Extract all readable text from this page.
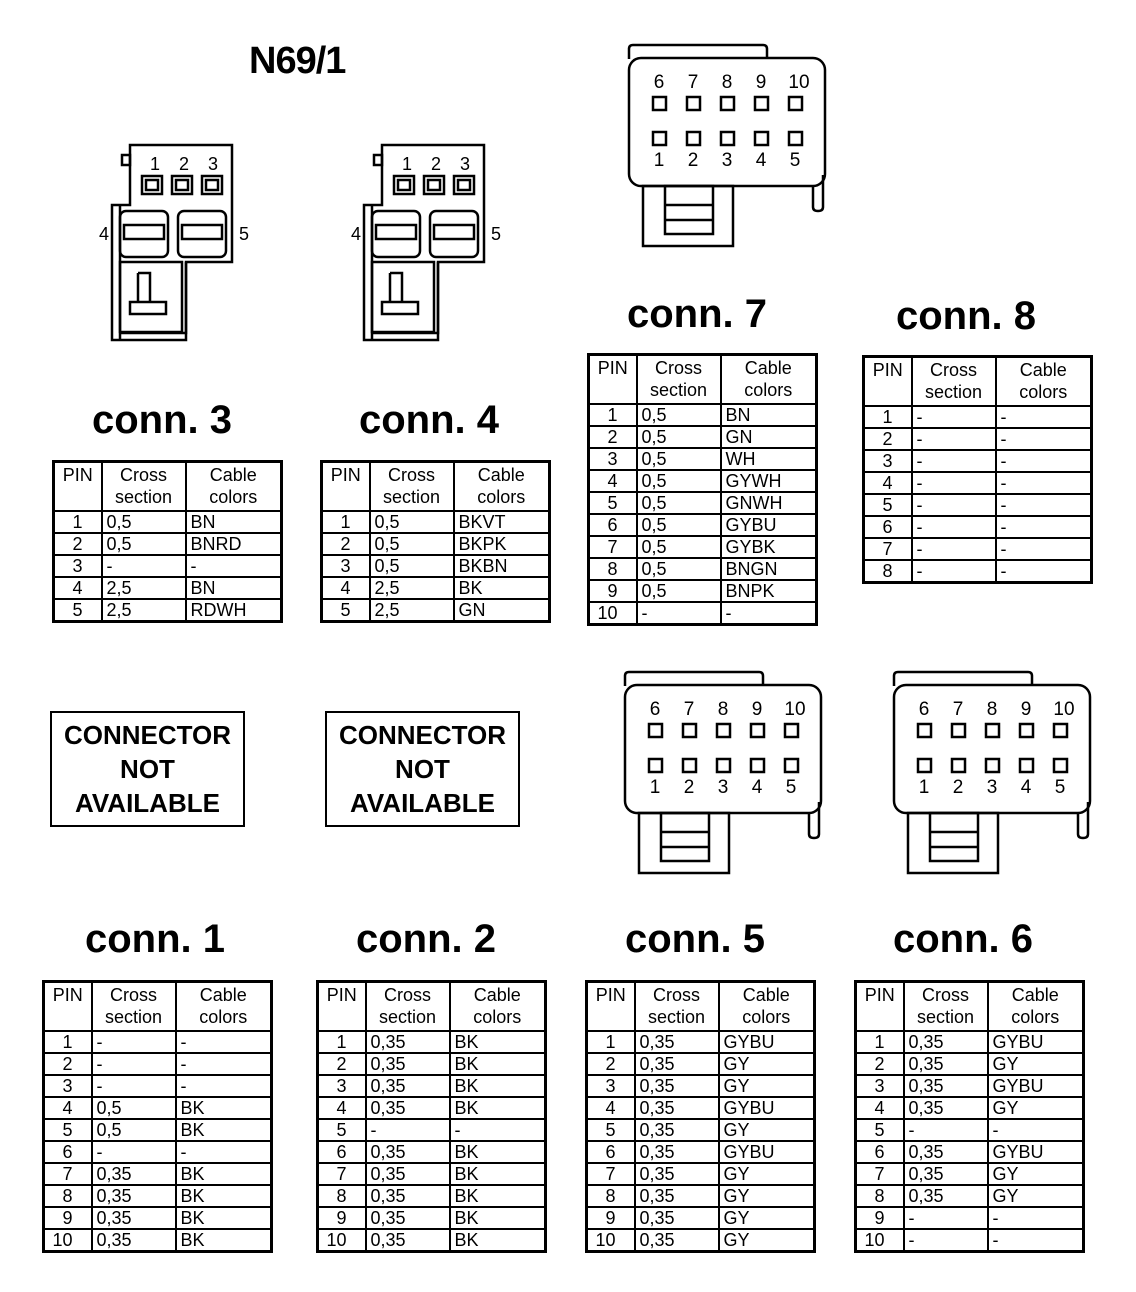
N69/1
1 2 3
4	5
1 2 3
4	5
6 7 8 9 10
1 2 3 4 5
6 7 8 9 10
1 2 3 4 5
6 7 8 9 10
1 2 3 4 5
conn. 3	conn. 4
conn. 7	conn. 8
conn. 1	conn. 2	conn. 5	conn. 6
PIN	Cross section	Cable colors
1	0,5	BN
2	0,5	BNRD
3	-	-
4	2,5	BN
5	2,5	RDWH
PIN	Cross section	Cable colors
1	0,5	BKVT
2	0,5	BKPK
3	0,5	BKBN
4	2,5	BK
5	2,5	GN
PIN	Cross section	Cable colors
1	0,5	BN
2	0,5	GN
3	0,5	WH
4	0,5	GYWH
5	0,5	GNWH
6	0,5	GYBU
7	0,5	GYBK
8	0,5	BNGN
9	0,5	BNPK
10	-	-
PIN	Cross section	Cable colors
1	-	-
2	-	-
3	-	-
4	-	-
5	-	-
6	-	-
7	-	-
8	-	-
PIN	Cross section	Cable colors
1	-	-
2	-	-
3	-	-
4	0,5	BK
5	0,5	BK
6	-	-
7	0,35	BK
8	0,35	BK
9	0,35	BK
10	0,35	BK
PIN	Cross section	Cable colors
1	0,35	BK
2	0,35	BK
3	0,35	BK
4	0,35	BK
5	-	-
6	0,35	BK
7	0,35	BK
8	0,35	BK
9	0,35	BK
10	0,35	BK
PIN	Cross section	Cable colors
1	0,35	GYBU
2	0,35	GY
3	0,35	GY
4	0,35	GYBU
5	0,35	GY
6	0,35	GYBU
7	0,35	GY
8	0,35	GY
9	0,35	GY
10	0,35	GY
PIN	Cross section	Cable colors
1	0,35	GYBU
2	0,35	GY
3	0,35	GYBU
4	0,35	GY
5	-	-
6	0,35	GYBU
7	0,35	GY
8	0,35	GY
9	-	-
10	-	-
CONNECTOR
NOT
AVAILABLE
CONNECTOR
NOT
AVAILABLE
